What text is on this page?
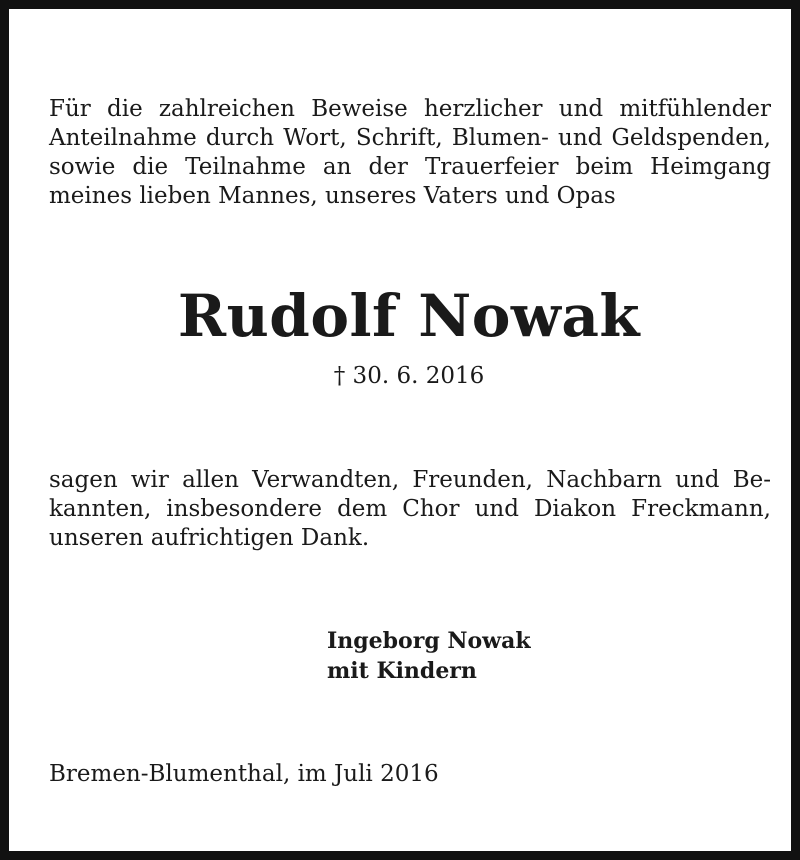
Für die zahlreichen Beweise herzlicher und mitfühlender
Anteilnahme durch Wort, Schrift, Blumen- und Geldspenden,
sowie die Teilnahme an der Trauerfeier beim Heimgang
meines lieben Mannes, unseres Vaters und Opas
Rudolf Nowak
† 30. 6. 2016
sagen wir allen Verwandten, Freunden, Nachbarn und Be-
kannten, insbesondere dem Chor und Diakon Freckmann,
unseren aufrichtigen Dank.
Ingeborg Nowak
mit Kindern
Bremen-Blumenthal, im Juli 2016
